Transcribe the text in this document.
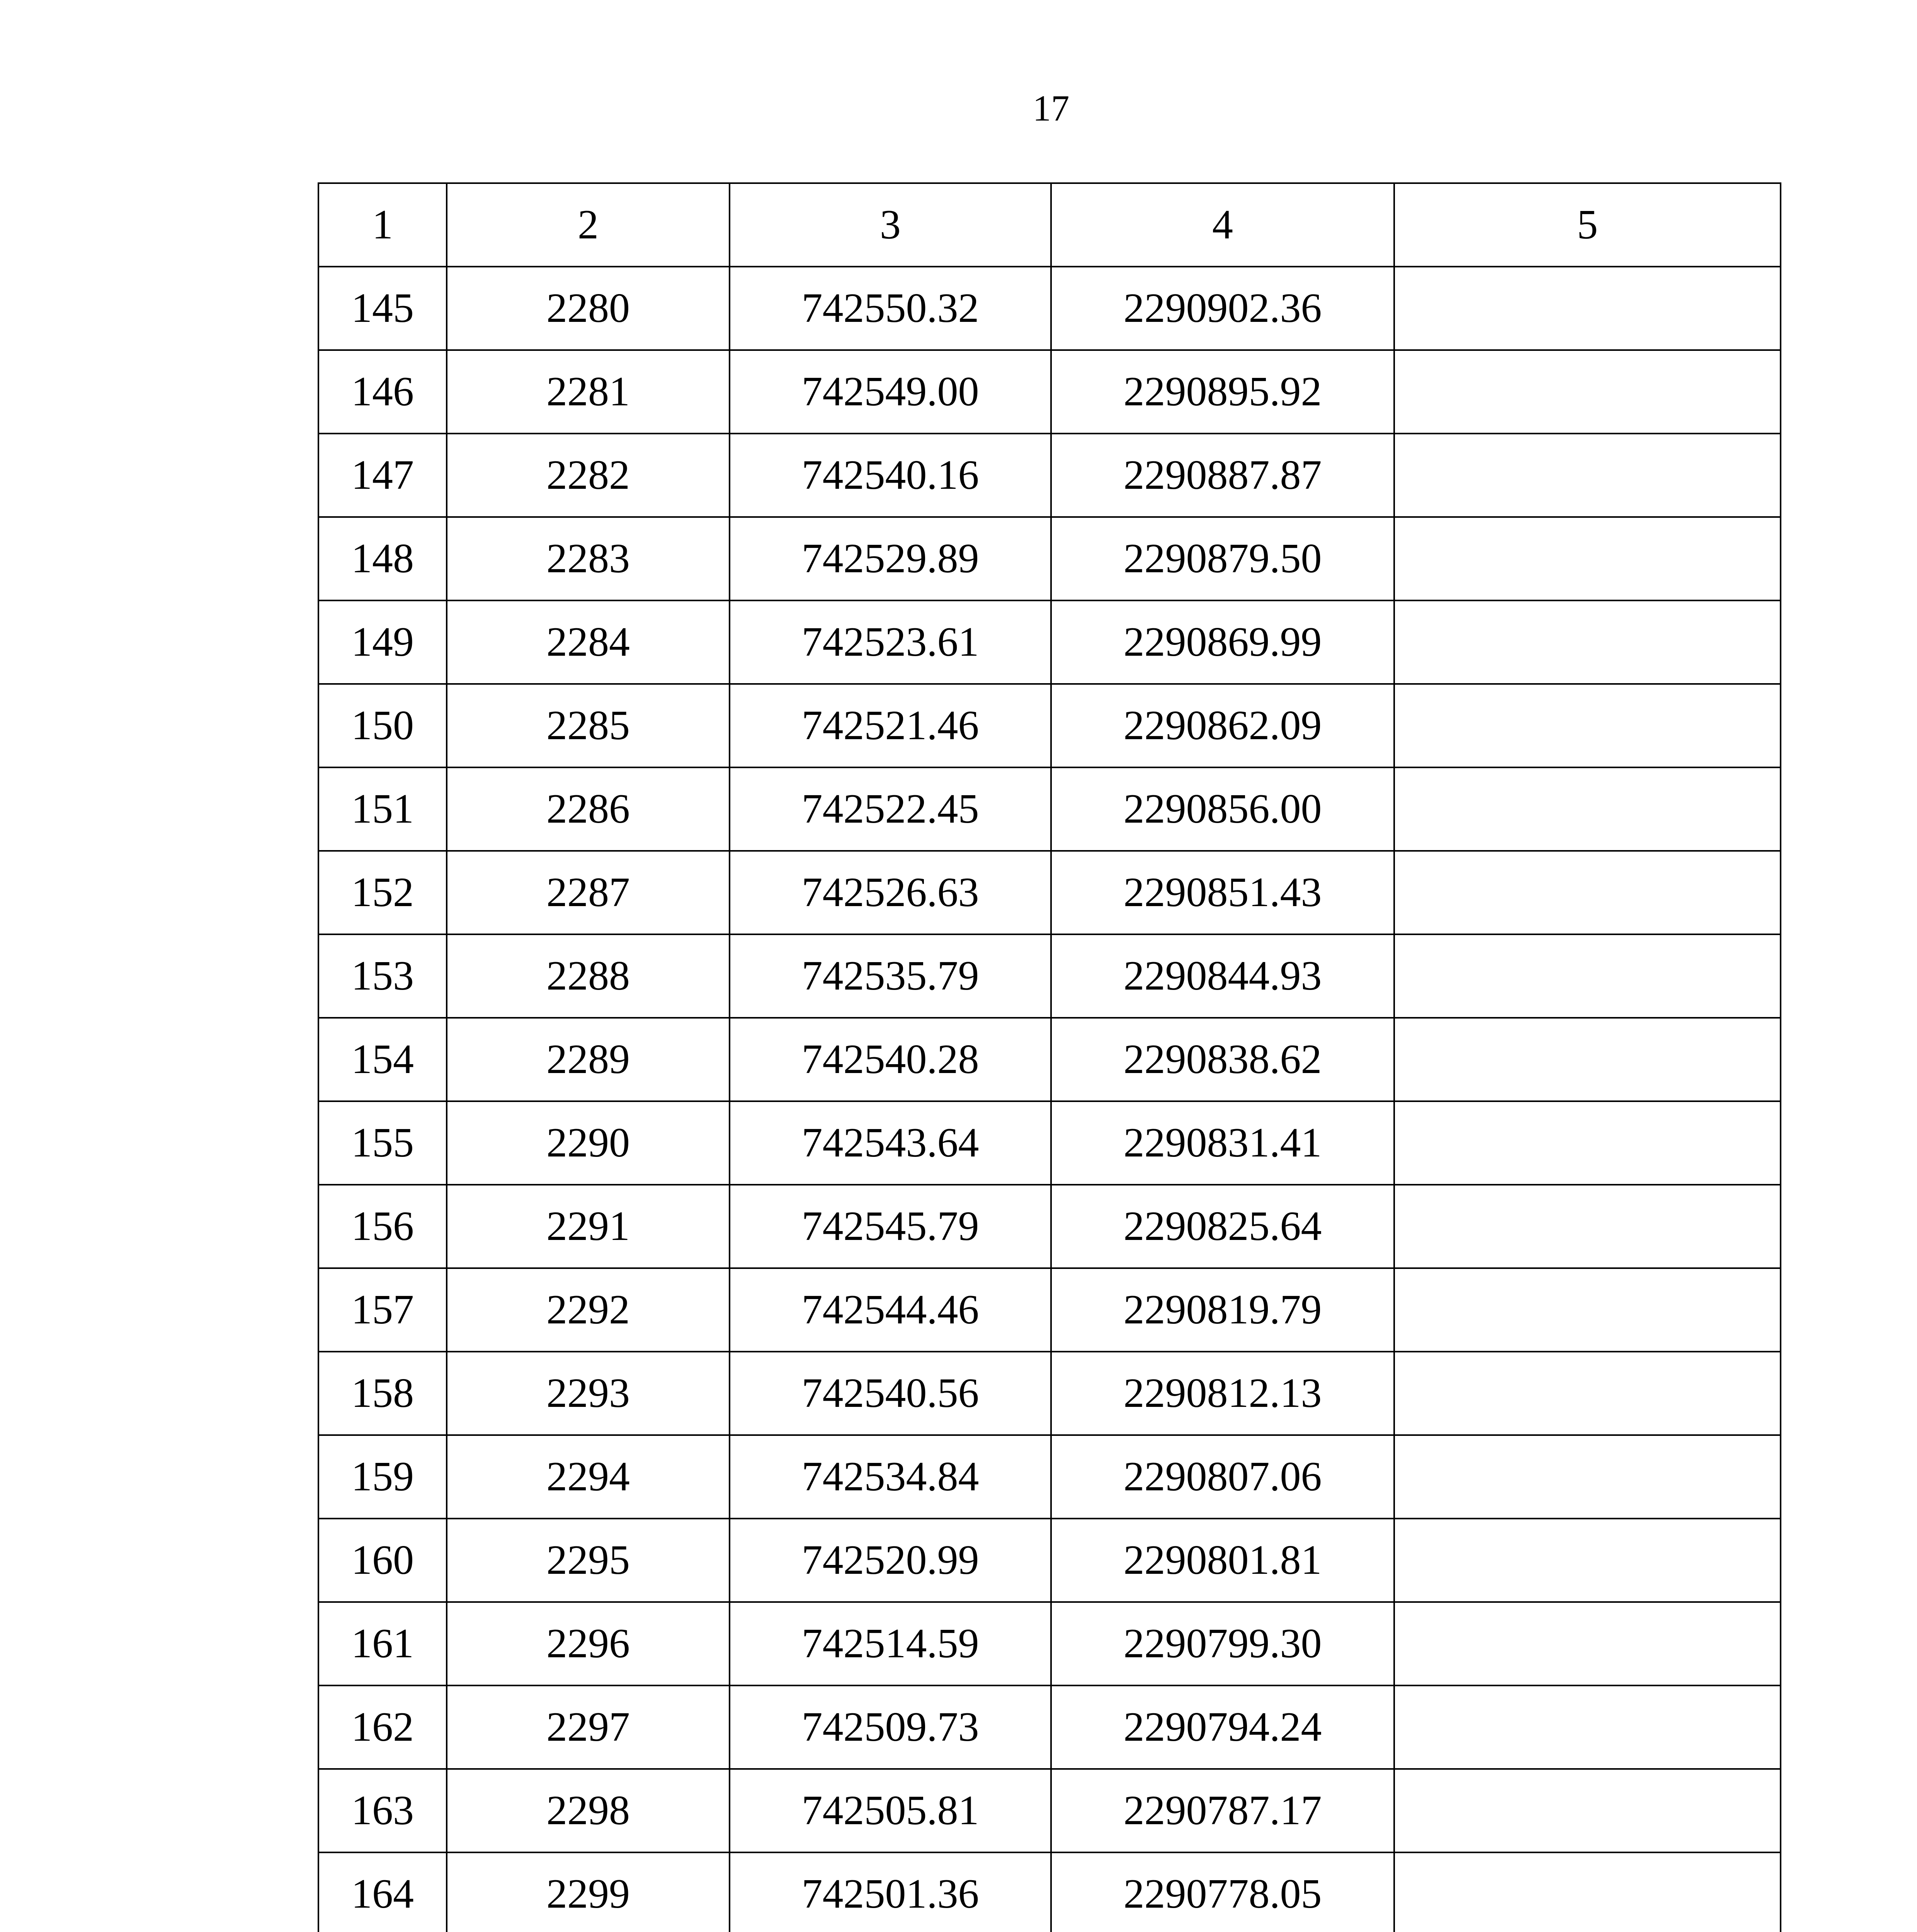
17
1	2	3	4	5
145	2280	742550.32	2290902.36	
146	2281	742549.00	2290895.92	
147	2282	742540.16	2290887.87	
148	2283	742529.89	2290879.50	
149	2284	742523.61	2290869.99	
150	2285	742521.46	2290862.09	
151	2286	742522.45	2290856.00	
152	2287	742526.63	2290851.43	
153	2288	742535.79	2290844.93	
154	2289	742540.28	2290838.62	
155	2290	742543.64	2290831.41	
156	2291	742545.79	2290825.64	
157	2292	742544.46	2290819.79	
158	2293	742540.56	2290812.13	
159	2294	742534.84	2290807.06	
160	2295	742520.99	2290801.81	
161	2296	742514.59	2290799.30	
162	2297	742509.73	2290794.24	
163	2298	742505.81	2290787.17	
164	2299	742501.36	2290778.05	
